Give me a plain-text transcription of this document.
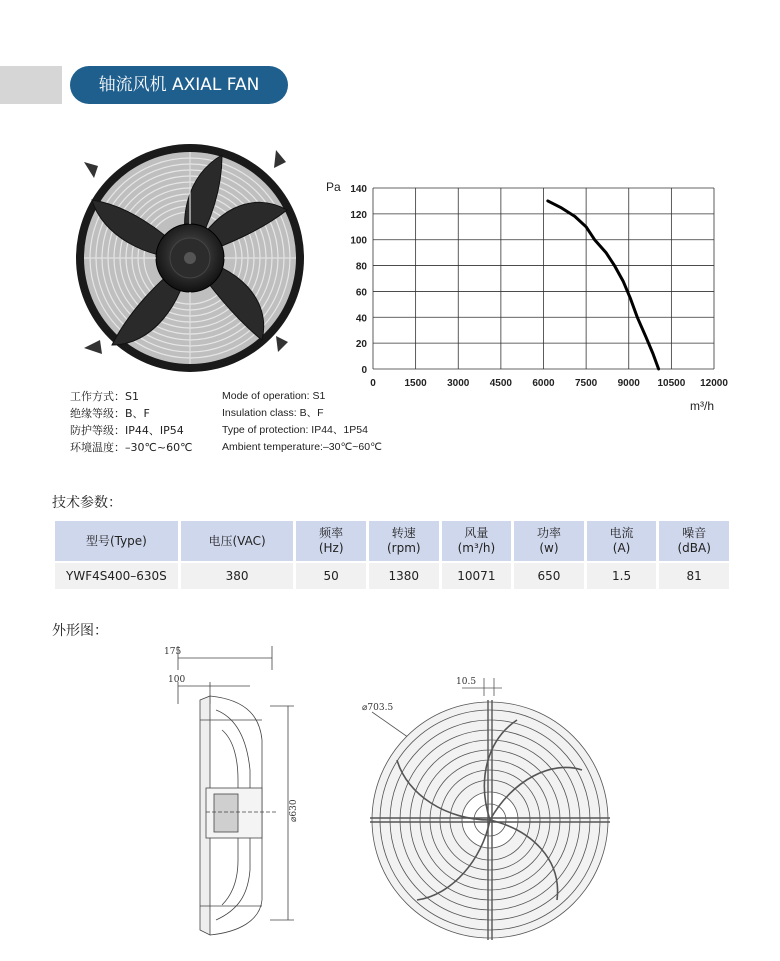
轴流风机 AXIAL FAN
0
20
40
60
80
100
120
140
0	1500 3000 4500 6000 7500 9000 10500 12000
Pa
m³/h
工作方式：S1
绝缘等级：B、F
防护等级：IP44、IP54
环境温度：–30℃~60℃
Mode of operation: S1
Insulation class: B、F
Type of protection: IP44、1P54
Ambient temperature:–30℃~60℃
技术参数：
型号(Type)	电压(VAC)	频率
(Hz)	转速
(rpm)	风量
(m³/h)	功率
(w)	电流
(A)	噪音
(dBA)
YWF4S400–630S	380	50	1380	10071	650	1.5	81
外形图：
175
100
⌀630
10.5
⌀703.5
